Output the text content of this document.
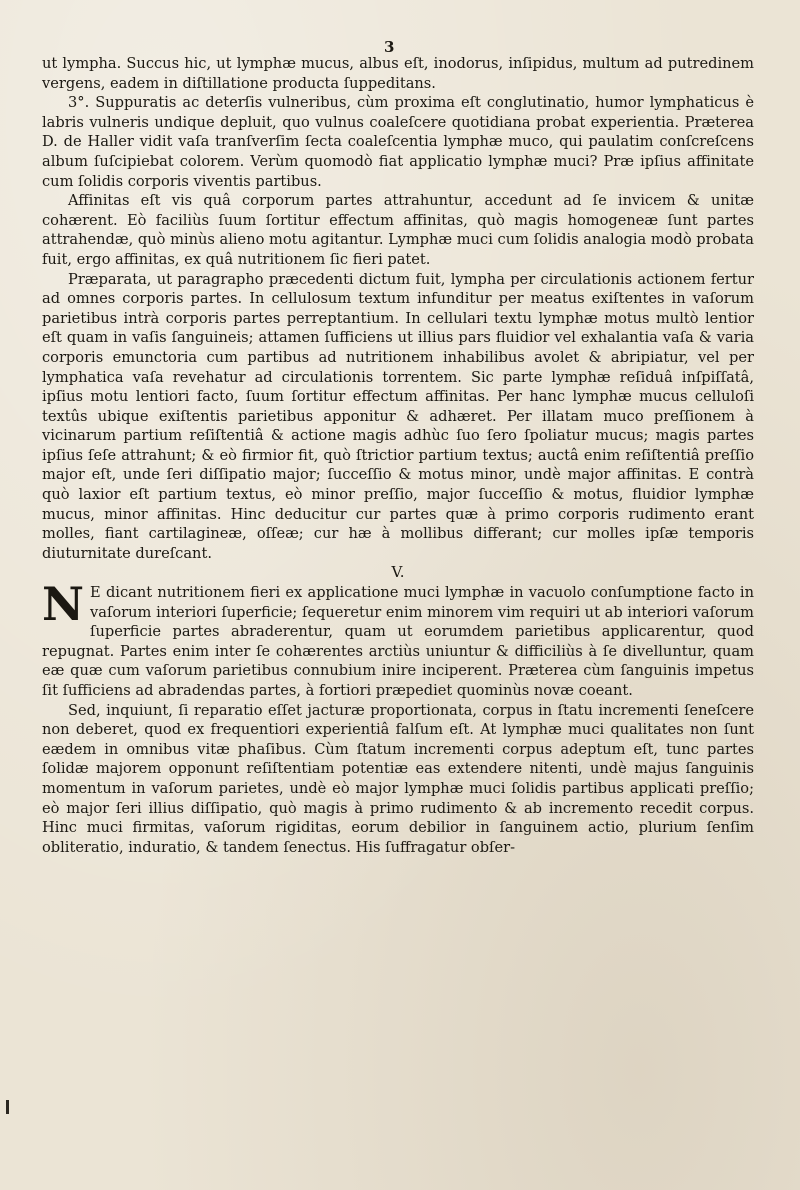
3

ut lympha. Succus hic, ut lymphæ mucus, albus eſt, inodorus, inſipidus, multum ad putredinem vergens, eadem in diſtillatione producta ſuppeditans.

3°. Suppuratis ac deterſis vulneribus, cùm proxima eſt conglutinatio, humor lymphaticus è labris vulneris undique depluit, quo vulnus coaleſcere quotidiana probat experientia. Præterea D. de Haller vidit vaſa tranſverſim ſecta coaleſcentia lymphæ muco, qui paulatim conſcreſcens album ſuſcipiebat colorem. Verùm quomodò fiat applicatio lymphæ muci? Præ ipſius affinitate cum ſolidis corporis viventis partibus.

Affinitas eſt vis quâ corporum partes attrahuntur, accedunt ad ſe invicem & unitæ cohærent. Eò faciliùs ſuum ſortitur effectum affinitas, quò magis homogeneæ ſunt partes attrahendæ, quò minùs alieno motu agitantur. Lymphæ muci cum ſolidis analogia modò probata fuit, ergo affinitas, ex quâ nutritionem ſic fieri patet.

Præparata, ut paragrapho præcedenti dictum fuit, lympha per circulationis actionem fertur ad omnes corporis partes. In cellulosum textum infunditur per meatus exiſtentes in vaſorum parietibus intrà corporis partes perreptantium. In cellulari textu lymphæ motus multò lentior eſt quam in vaſis ſanguineis; attamen ſufficiens ut illius pars fluidior vel exhalantia vaſa & varia corporis emunctoria cum partibus ad nutritionem inhabilibus avolet & abripiatur, vel per lymphatica vaſa revehatur ad circulationis torrentem. Sic parte lymphæ reſiduâ inſpiſſatâ, ipſius motu lentiori facto, ſuum ſortitur effectum affinitas. Per hanc lymphæ mucus celluloſi textûs ubique exiſtentis parietibus apponitur & adhæret. Per illatam muco preſſionem à vicinarum partium reſiſtentiâ & actione magis adhùc ſuo ſero ſpoliatur mucus; magis partes ipſius ſeſe attrahunt; & eò firmior fit, quò ſtrictior partium textus; auctâ enim reſiſtentiâ preſſio major eſt, unde ſeri diſſipatio major; ſucceſſio & motus minor, undè major affinitas. E contrà quò laxior eſt partium textus, eò minor preſſio, major ſucceſſio & motus, fluidior lymphæ mucus, minor affinitas. Hinc deducitur cur partes quæ à primo corporis rudimento erant molles, fiant cartilagineæ, oſſeæ; cur hæ à mollibus differant; cur molles ipſæ temporis diuturnitate dureſcant.

V.

N E dicant nutritionem fieri ex applicatione muci lymphæ in vacuolo conſumptione facto in vaſorum interiori ſuperficie; ſequeretur enim minorem vim requiri ut ab interiori vaſorum ſuperficie partes abraderentur, quam ut eorumdem parietibus applicarentur, quod repugnat. Partes enim inter ſe cohærentes arctiùs uniuntur & difficiliùs à ſe divelluntur, quam eæ quæ cum vaſorum parietibus connubium inire inciperent. Præterea cùm ſanguinis impetus ſit ſufficiens ad abradendas partes, à fortiori præpediet quominùs novæ coeant.

Sed, inquiunt, ſi reparatio eſſet jacturæ proportionata, corpus in ſtatu incrementi ſeneſcere non deberet, quod ex frequentiori experientiâ falſum eſt. At lymphæ muci qualitates non ſunt eædem in omnibus vitæ phaſibus. Cùm ſtatum incrementi corpus adeptum eſt, tunc partes ſolidæ majorem opponunt reſiſtentiam potentiæ eas extendere nitenti, undè majus ſanguinis momentum in vaſorum parietes, undè eò major lymphæ muci ſolidis partibus applicati preſſio; eò major ſeri illius diſſipatio, quò magis à primo rudimento & ab incremento recedit corpus. Hinc muci firmitas, vaſorum rigiditas, eorum debilior in ſanguinem actio, plurium ſenſim obliteratio, induratio, & tandem ſenectus. His ſuffragatur obſer-
